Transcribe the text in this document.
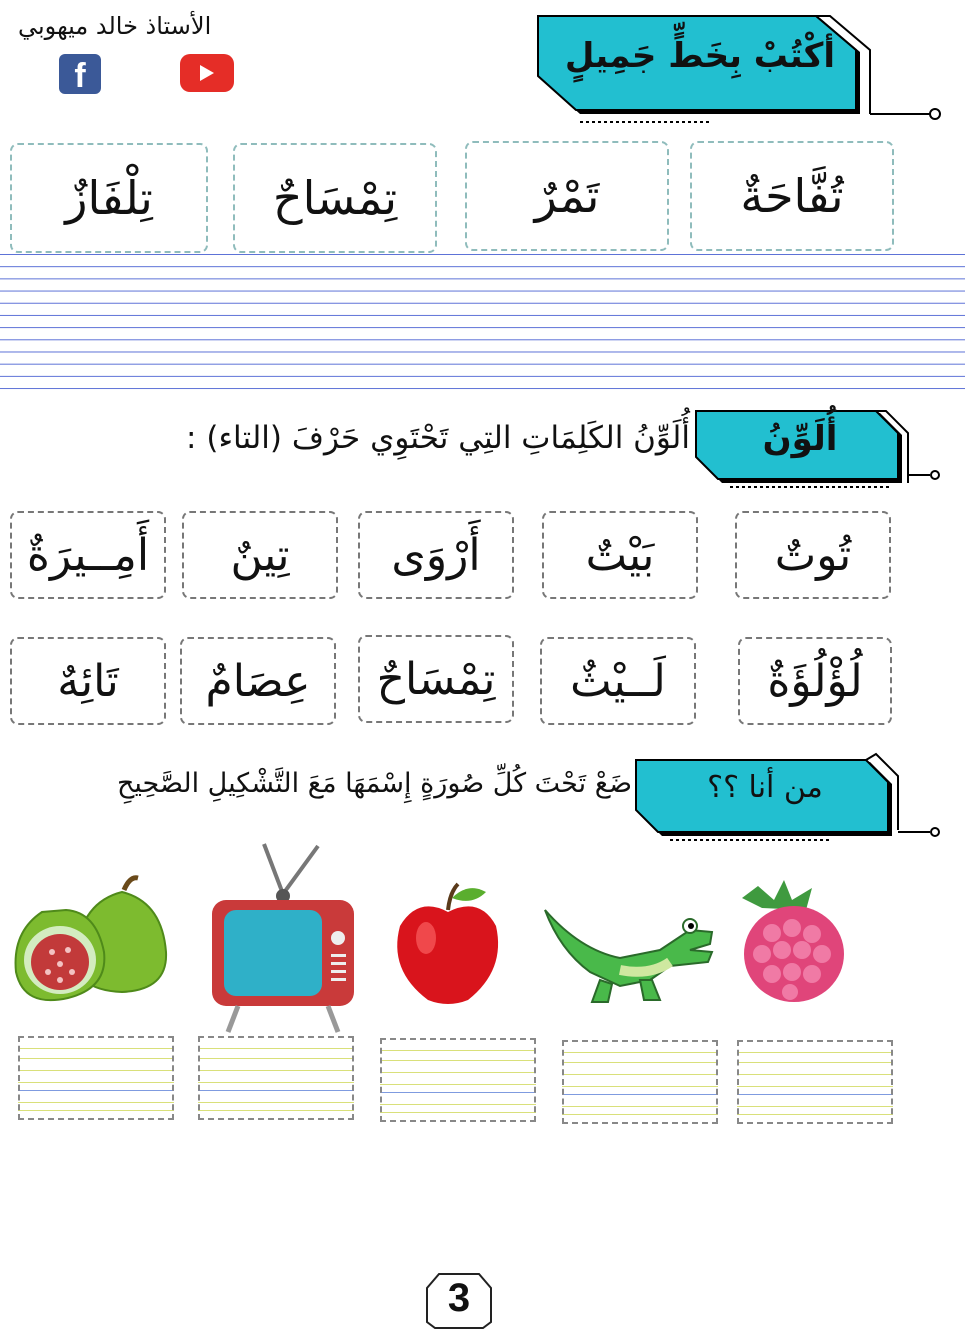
الأستاذ خالد ميهوبي
f	أكْتُبْ بِخَطٍّ جَمِيلٍ
تُفَّاحَةٌ
تَمْرٌ
تِمْسَاحٌ
تِلْفَازٌ
أُلَوِّنُ
أُلَوِّنُ الكَلِمَاتِ التِي تَحْتَوِي حَرْفَ (التاء) :
تُوتٌ
بَيْتٌ
أَرْوَى
تِينٌ
أَمِــيرَةٌ
لُؤْلُؤَةٌ
لَــيْثٌ
تِمْسَاحٌ
عِصَامٌ
تَائِهٌ
من أنا ؟؟
ضَعْ تَحْتَ كُلِّ صُورَةٍ إِسْمَهَا مَعَ التَّشْكِيلِ الصَّحِيحِ
3
